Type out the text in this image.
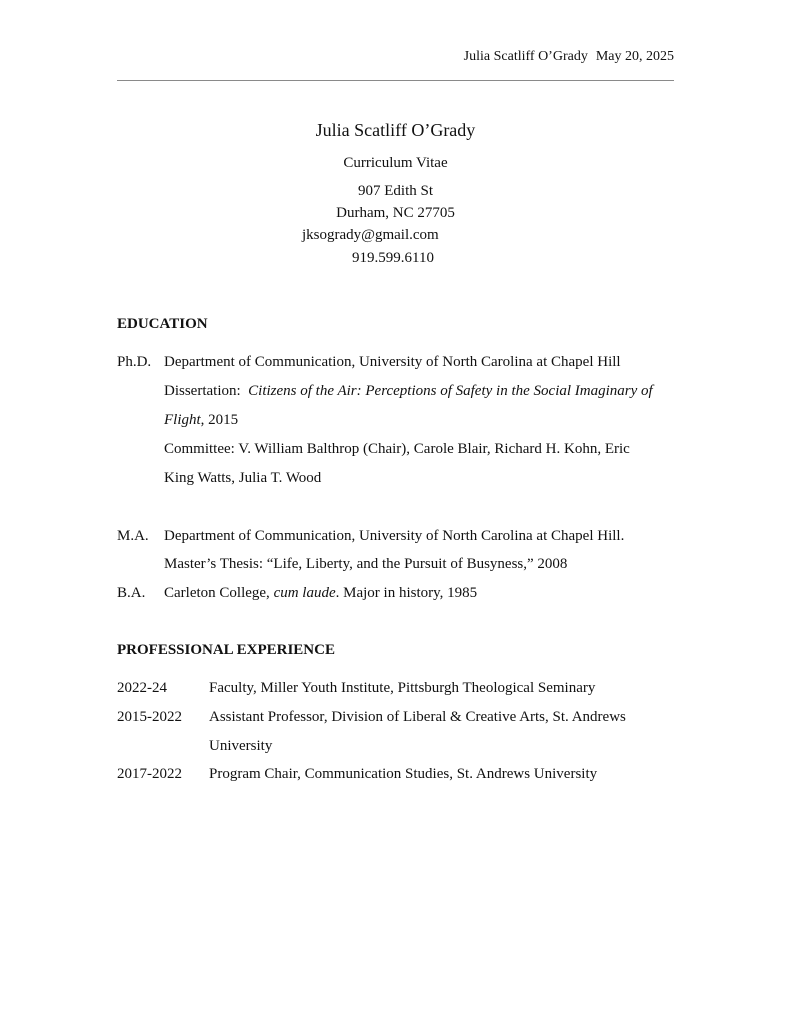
Julia Scatliff O’Grady May 20, 2025
Julia Scatliff O’Grady
Curriculum Vitae
907 Edith St
Durham, NC 27705
jksogrady@gmail.com
919.599.6110
EDUCATION
Ph.D. Department of Communication, University of North Carolina at Chapel Hill
Dissertation: Citizens of the Air: Perceptions of Safety in the Social Imaginary of
Flight, 2015
Committee: V. William Balthrop (Chair), Carole Blair, Richard H. Kohn, Eric
King Watts, Julia T. Wood
M.A. Department of Communication, University of North Carolina at Chapel Hill.
Master’s Thesis: “Life, Liberty, and the Pursuit of Busyness,” 2008
B.A. Carleton College, cum laude. Major in history, 1985
PROFESSIONAL EXPERIENCE
2022-24	Faculty, Miller Youth Institute, Pittsburgh Theological Seminary
2015-2022 Assistant Professor, Division of Liberal & Creative Arts, St. Andrews
University
2017-2022 Program Chair, Communication Studies, St. Andrews University
